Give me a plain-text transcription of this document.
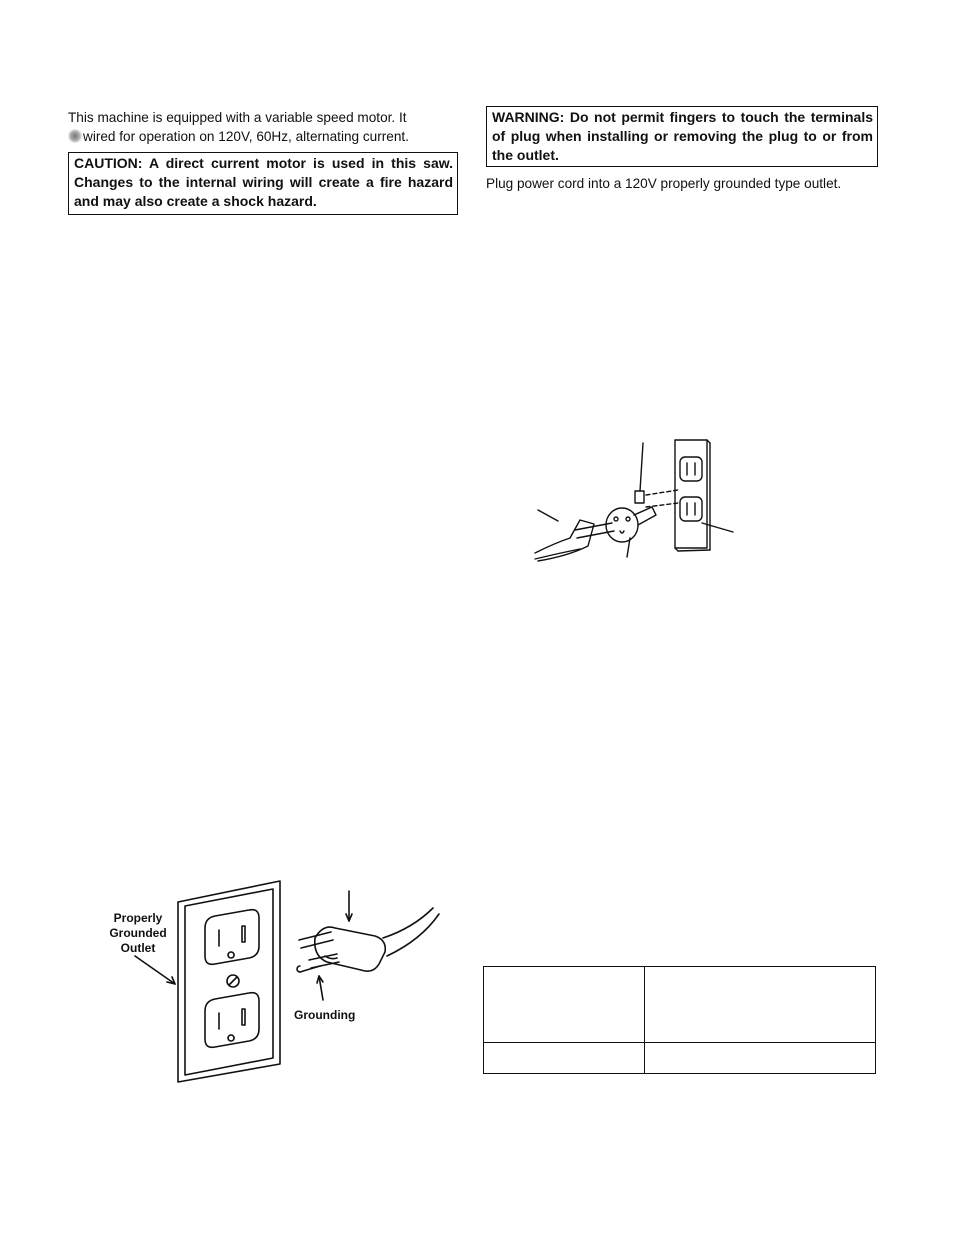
This machine is equipped with a variable speed motor. It
wired for operation on 120V, 60Hz, alternating current.
CAUTION: A direct current motor is used in this saw. Changes to the internal wiring will create a fire hazard and may also create a shock hazard.
WARNING: Do not permit fingers to touch the terminals of plug when installing or removing the plug to or from the outlet.
Plug power cord into a 120V properly grounded type outlet.
Properly Grounded Outlet
Grounding
